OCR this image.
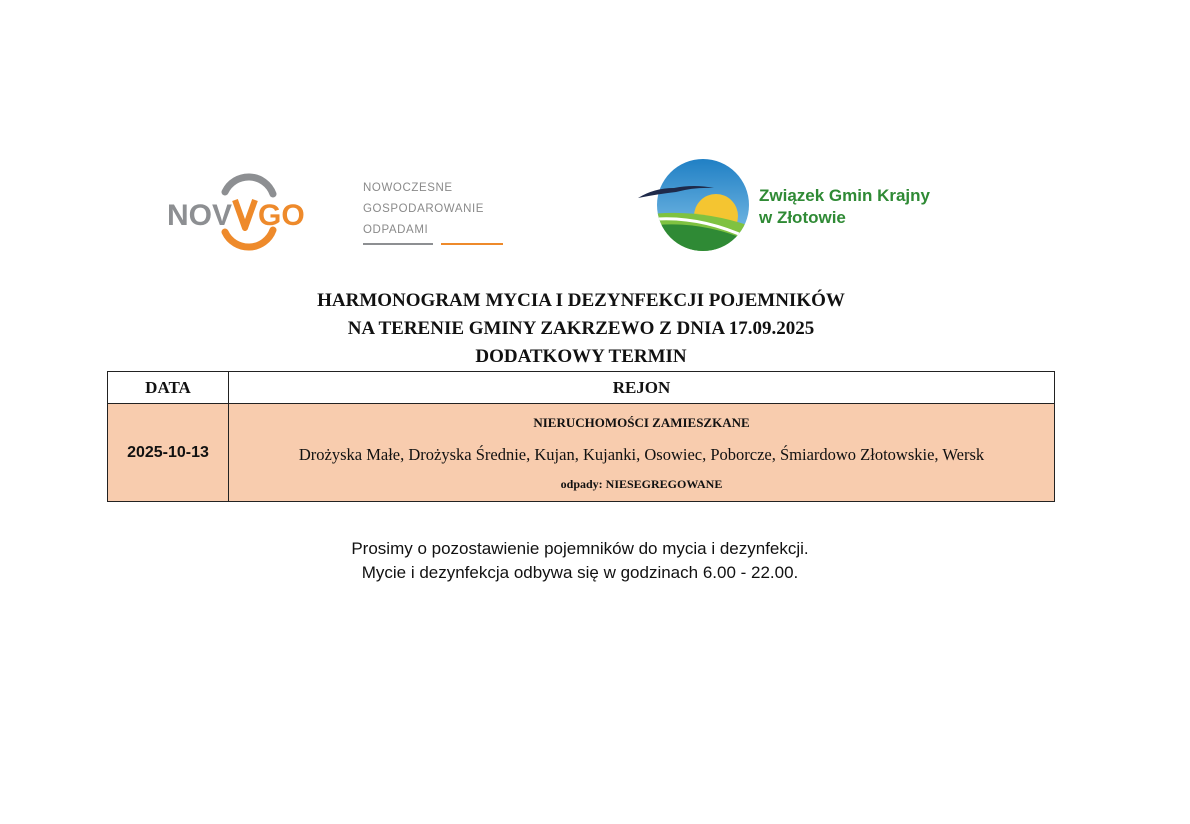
NOV GO
NOWOCZESNE
GOSPODAROWANIE
ODPADAMI
Związek Gmin Krajny
w Złotowie
HARMONOGRAM MYCIA I DEZYNFEKCJI POJEMNIKÓW
NA TERENIE GMINY ZAKRZEWO Z DNIA 17.09.2025
DODATKOWY TERMIN
DATA	REJON
2025-10-13	NIERUCHOMOŚCI ZAMIESZKANE
Drożyska Małe, Drożyska Średnie, Kujan, Kujanki, Osowiec, Poborcze, Śmiardowo Złotowskie, Wersk
odpady: NIESEGREGOWANE
Prosimy o pozostawienie pojemników do mycia i dezynfekcji.
Mycie i dezynfekcja odbywa się w godzinach 6.00 - 22.00.
